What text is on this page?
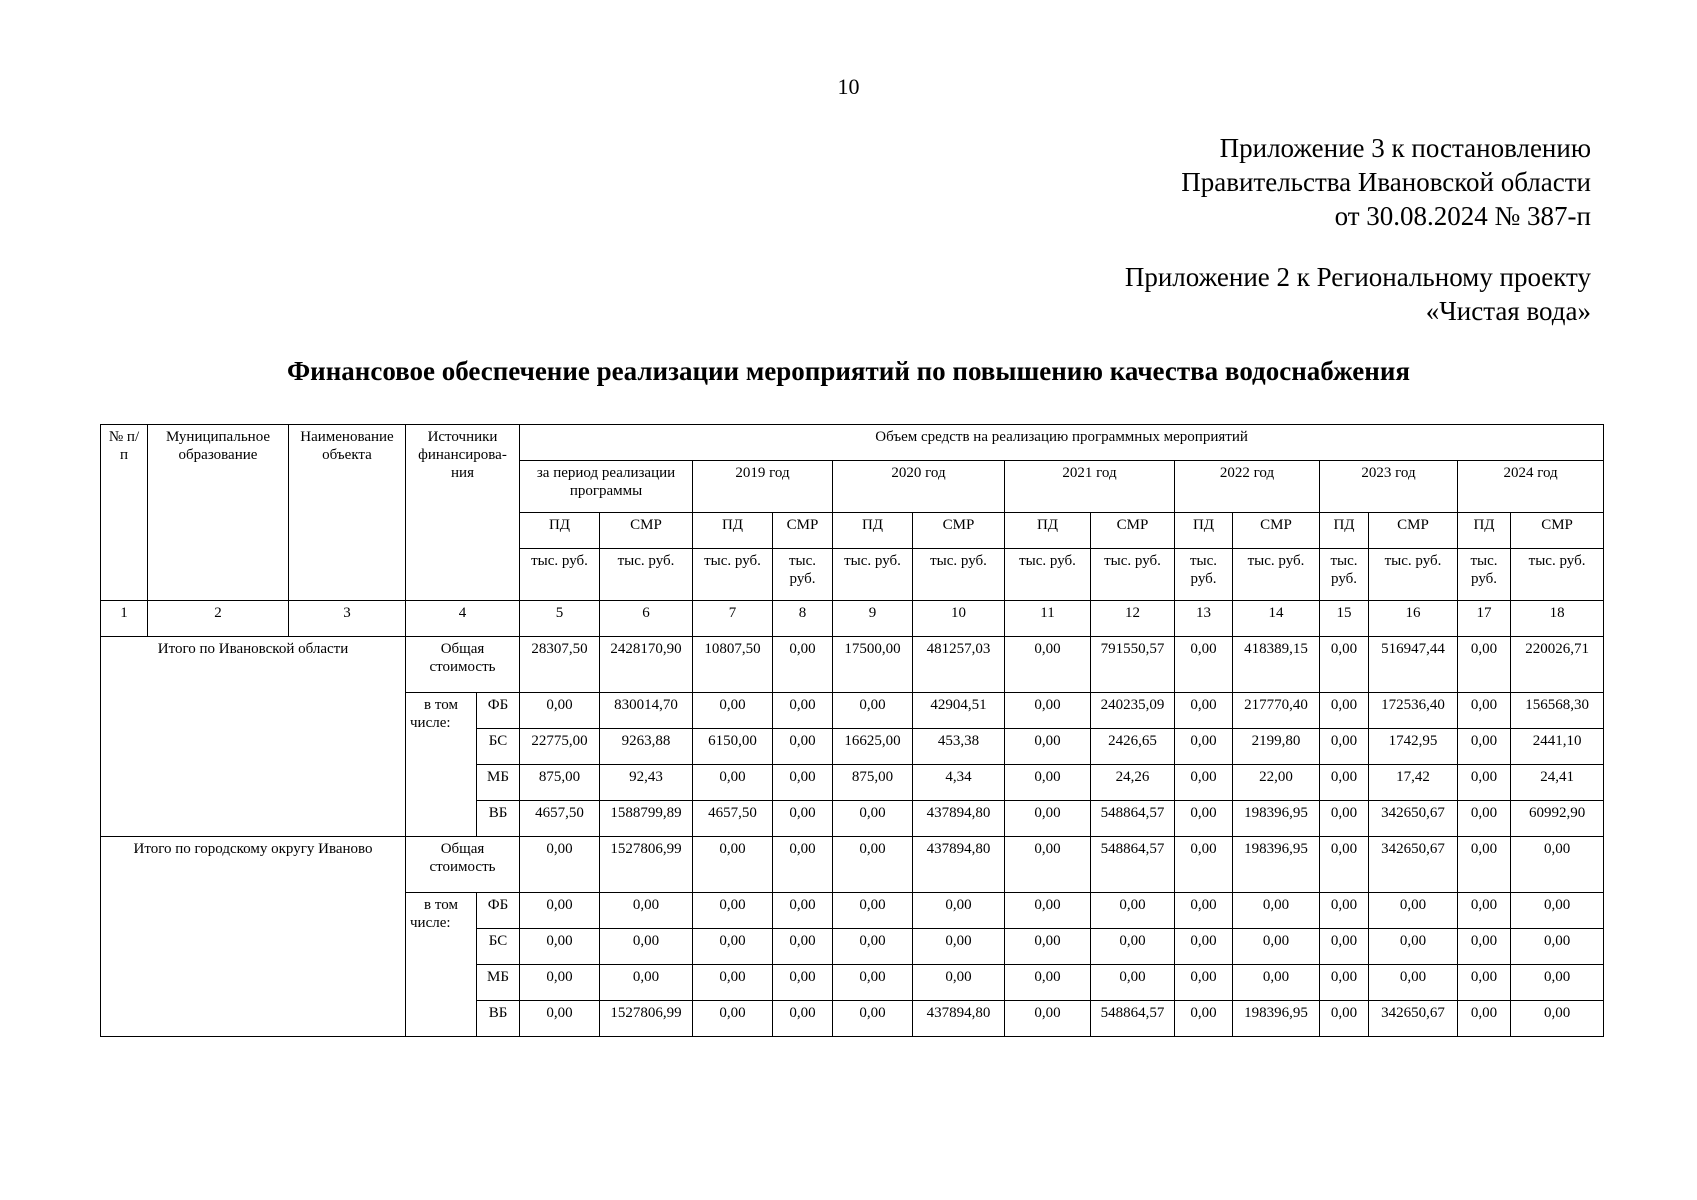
10
Приложение 3 к постановлению
Правительства Ивановской области
от 30.08.2024 № 387-п
Приложение 2 к Региональному проекту
«Чистая вода»
Финансовое обеспечение реализации мероприятий по повышению качества водоснабжения
№ п/п	Муниципальное образование	Наименование объекта	Источники финансирова-ния		Объем средств на реализацию программных мероприятий													
					за период реализации программы		2019 год		2020 год		2021 год		2022 год		2023 год		2024 год	
					ПД	СМР	ПД	СМР	ПД	СМР	ПД	СМР	ПД	СМР	ПД	СМР	ПД	СМР
					тыс. руб.	тыс. руб.	тыс. руб.	тыс. руб.	тыс. руб.	тыс. руб.	тыс. руб.	тыс. руб.	тыс. руб.	тыс. руб.	тыс. руб.	тыс. руб.	тыс. руб.	тыс. руб.
1	2	3	4		5	6	7	8	9	10	11	12	13	14	15	16	17	18
Итого по Ивановской области			Общая стоимость		28307,50	2428170,90	10807,50	0,00	17500,00	481257,03	0,00	791550,57	0,00	418389,15	0,00	516947,44	0,00	220026,71
			в том числе:	ФБ	0,00	830014,70	0,00	0,00	0,00	42904,51	0,00	240235,09	0,00	217770,40	0,00	172536,40	0,00	156568,30
				БС	22775,00	9263,88	6150,00	0,00	16625,00	453,38	0,00	2426,65	0,00	2199,80	0,00	1742,95	0,00	2441,10
				МБ	875,00	92,43	0,00	0,00	875,00	4,34	0,00	24,26	0,00	22,00	0,00	17,42	0,00	24,41
				ВБ	4657,50	1588799,89	4657,50	0,00	0,00	437894,80	0,00	548864,57	0,00	198396,95	0,00	342650,67	0,00	60992,90
Итого по городскому округу Иваново			Общая стоимость		0,00	1527806,99	0,00	0,00	0,00	437894,80	0,00	548864,57	0,00	198396,95	0,00	342650,67	0,00	0,00
			в том числе:	ФБ	0,00	0,00	0,00	0,00	0,00	0,00	0,00	0,00	0,00	0,00	0,00	0,00	0,00	0,00
				БС	0,00	0,00	0,00	0,00	0,00	0,00	0,00	0,00	0,00	0,00	0,00	0,00	0,00	0,00
				МБ	0,00	0,00	0,00	0,00	0,00	0,00	0,00	0,00	0,00	0,00	0,00	0,00	0,00	0,00
				ВБ	0,00	1527806,99	0,00	0,00	0,00	437894,80	0,00	548864,57	0,00	198396,95	0,00	342650,67	0,00	0,00
